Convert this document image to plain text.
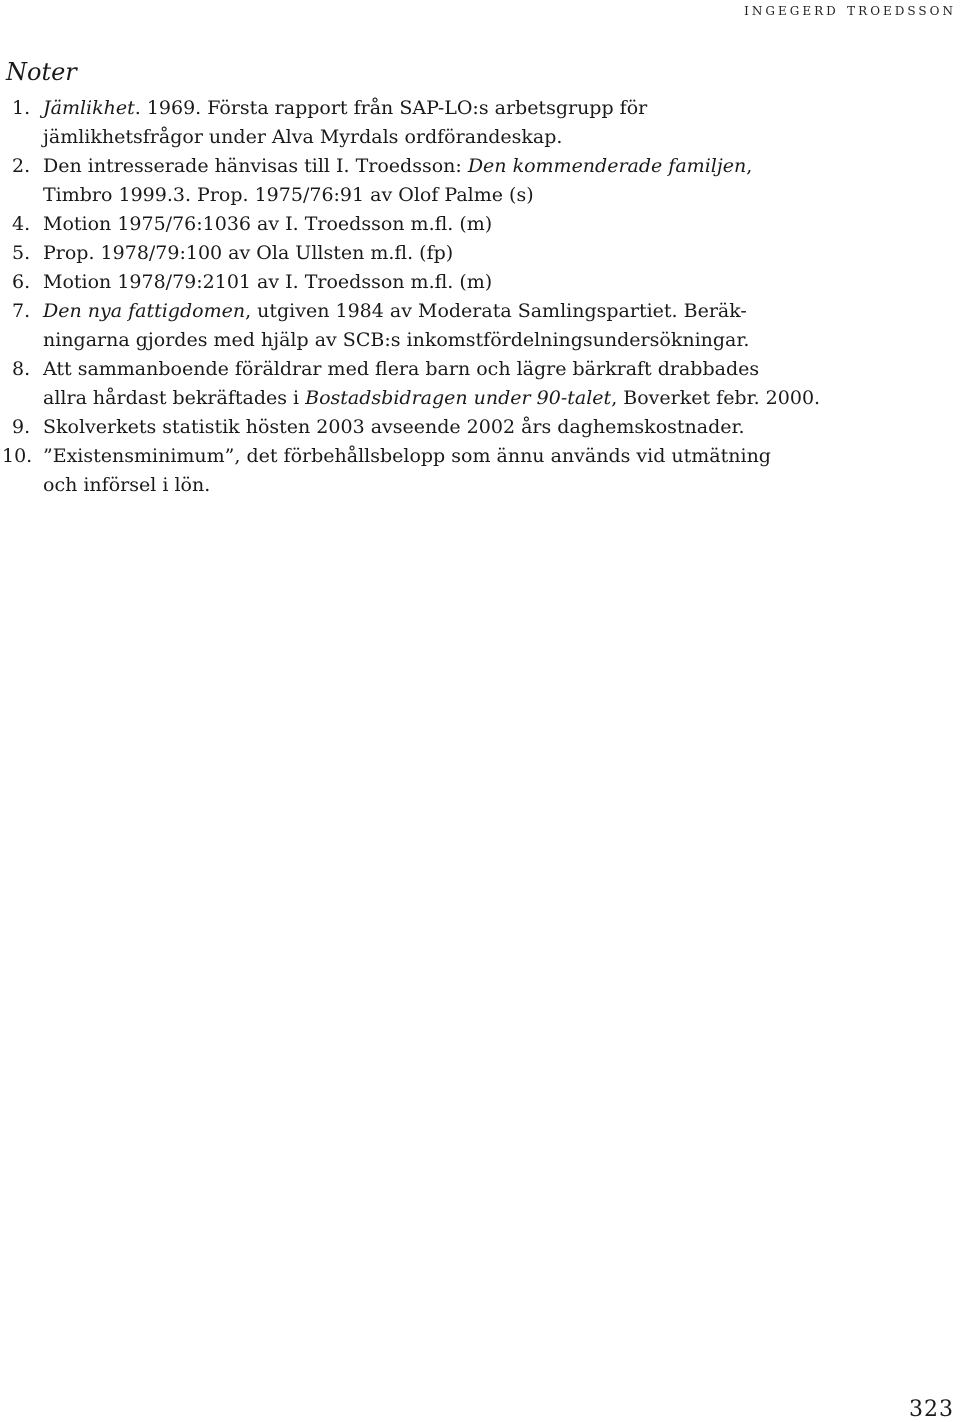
ingegerd troedsson
Noter
1. Jämlikhet. 1969. Första rapport från SAP-LO:s arbetsgrupp för
jämlikhetsfrågor under Alva Myrdals ordförandeskap.
2. Den intresserade hänvisas till I. Troedsson: Den kommenderade familjen,
Timbro 1999.3. Prop. 1975/76:91 av Olof Palme (s)
4. Motion 1975/76:1036 av I. Troedsson m.fl. (m)
5. Prop. 1978/79:100 av Ola Ullsten m.fl. (fp)
6. Motion 1978/79:2101 av I. Troedsson m.fl. (m)
7. Den nya fattigdomen, utgiven 1984 av Moderata Samlingspartiet. Beräk-
ningarna gjordes med hjälp av SCB:s inkomstfördelningsundersökningar.
8. Att sammanboende föräldrar med flera barn och lägre bärkraft drabbades
allra hårdast bekräftades i Bostadsbidragen under 90-talet, Boverket febr. 2000.
9. Skolverkets statistik hösten 2003 avseende 2002 års daghemskostnader.
10. ”Existensminimum”, det förbehållsbelopp som ännu används vid utmätning
och införsel i lön.
323
